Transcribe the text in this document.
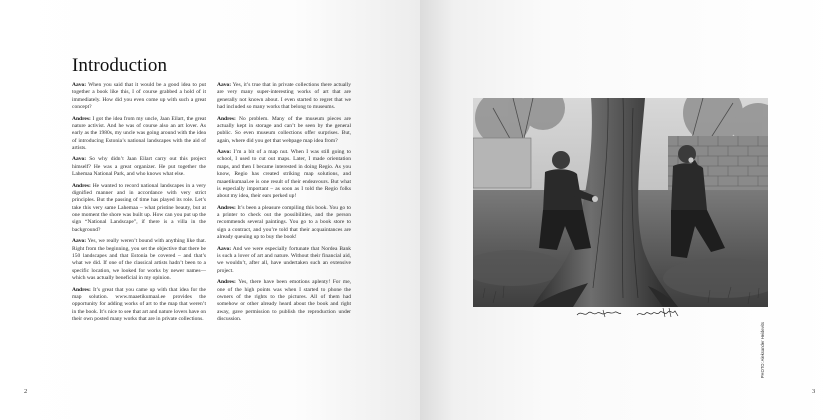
Introduction

Aavo: When you said that it would be a good idea to put together a book like this, I of course grabbed a hold of it immediately. How did you even come up with such a great concept?

Andres: I got the idea from my uncle, Jaan Eilart, the great nature activist. And he was of course also an art lover. As early as the 1980s, my uncle was going around with the idea of introducing Estonia’s national landscapes with the aid of artists.

Aavo: So why didn’t Jaan Eilart carry out this project himself? He was a great organizer. He put together the Lahemaa National Park, and who knows what else.

Andres: He wanted to record national landscapes in a very dignified manner and in accordance with very strict principles. But the passing of time has played its role. Let’s take this very same Lahemaa – what pristine beauty, but at one moment the shore was built up. How can you put up the sign “National Landscape”, if there is a villa in the background?

Aavo: Yes, we really weren’t bound with anything like that. Right from the beginning, you set the objective that there be 150 landscapes and that Estonia be covered – and that’s what we did. If one of the classical artists hadn’t been to a specific location, we looked for works by newer names—which was actually beneficial in my opinion.

Andres: It’s great that you came up with that idea for the map solution. www.maaetikumaal.ee provides the opportunity for adding works of art to the map that weren’t in the book. It’s nice to see that art and nature lovers have on their own posted many works that are in private collections.

Aavo: Yes, it’s true that in private collections there actually are very many super-interesting works of art that are generally not known about. I even started to regret that we had included so many works that belong to museums.

Andres: No problem. Many of the museum pieces are actually kept in storage and can’t be seen by the general public. So even museum collections offer surprises. But, again, where did you get that webpage map idea from?

Aavo: I’m a bit of a map nut. When I was still going to school, I used to cut out maps. Later, I made orientation maps, and then I became interested in doing Regio. As you know, Regio has created striking map solutions, and maaetikumaal.ee is one result of their endeavours. But what is especially important – as soon as I told the Regio folks about my idea, their ears perked up!

Andres: It’s been a pleasure compiling this book. You go to a printer to check out the possibilities, and the person recommends several paintings. You go to a book store to sign a contract, and you’re told that their acquaintances are already queuing up to buy the book!

Aavo: And we were especially fortunate that Nordea Bank is such a lover of art and nature. Without their financial aid, we wouldn’t, after all, have undertaken such an extensive project.

Andres: Yes, there have been emotions aplenty! For me, one of the high points was when I started to phone the owners of the rights to the pictures. All of them had somehow or other already heard about the book and right away, gave permission to publish the reproduction under discussion.

2
PHOTO: Aleksander Heidevits
3
